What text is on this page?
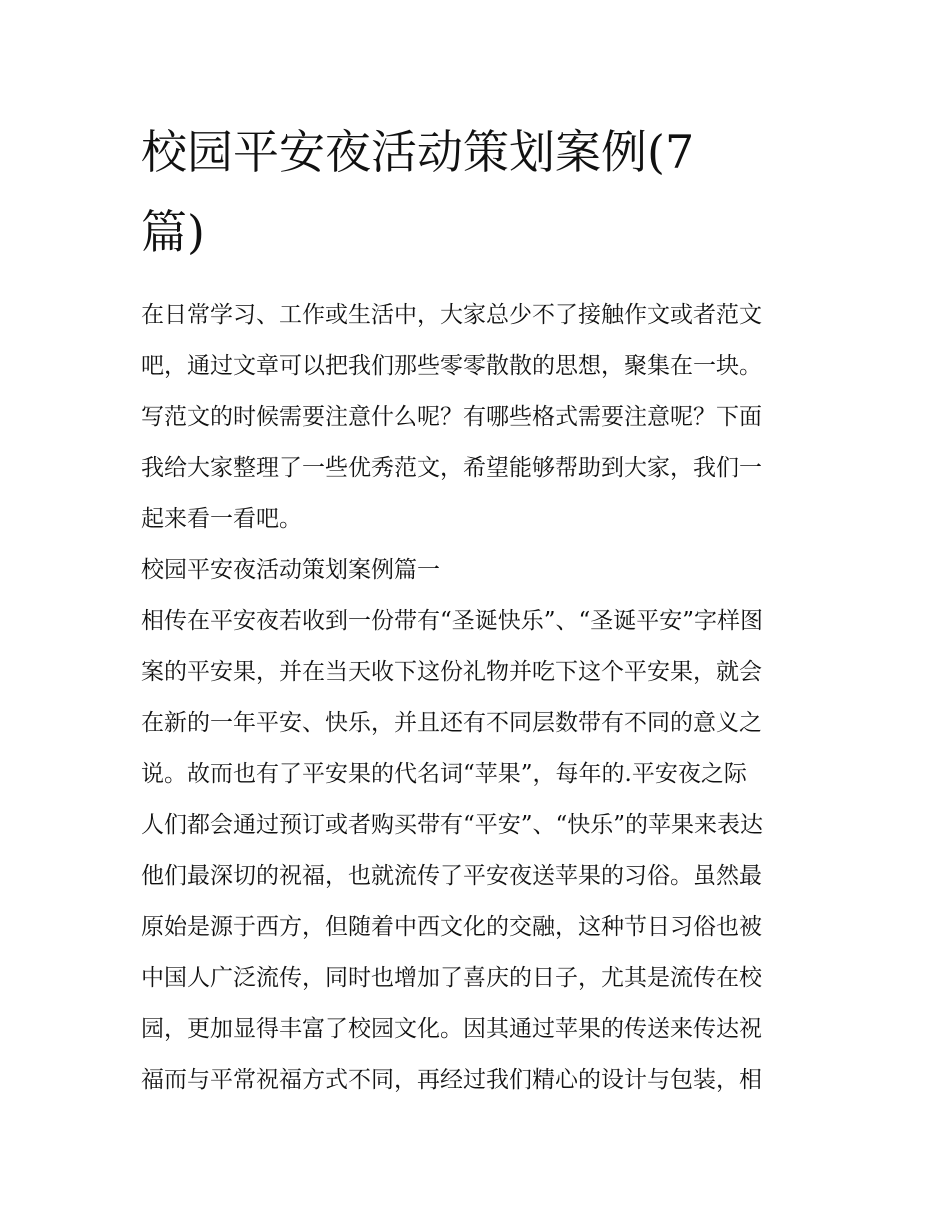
校园平安夜活动策划案例(7
篇)

在日常学习、工作或生活中，大家总少不了接触作文或者范文

吧，通过文章可以把我们那些零零散散的思想，聚集在一块。

写范文的时候需要注意什么呢？有哪些格式需要注意呢？下面

我给大家整理了一些优秀范文，希望能够帮助到大家，我们一

起来看一看吧。

校园平安夜活动策划案例篇一

相传在平安夜若收到一份带有“圣诞快乐”、“圣诞平安”字样图

案的平安果，并在当天收下这份礼物并吃下这个平安果，就会

在新的一年平安、快乐，并且还有不同层数带有不同的意义之

说。故而也有了平安果的代名词“苹果”，每年的.平安夜之际

人们都会通过预订或者购买带有“平安”、“快乐”的苹果来表达

他们最深切的祝福，也就流传了平安夜送苹果的习俗。虽然最

原始是源于西方，但随着中西文化的交融，这种节日习俗也被

中国人广泛流传，同时也增加了喜庆的日子，尤其是流传在校

园，更加显得丰富了校园文化。因其通过苹果的传送来传达祝

福而与平常祝福方式不同，再经过我们精心的设计与包装，相
